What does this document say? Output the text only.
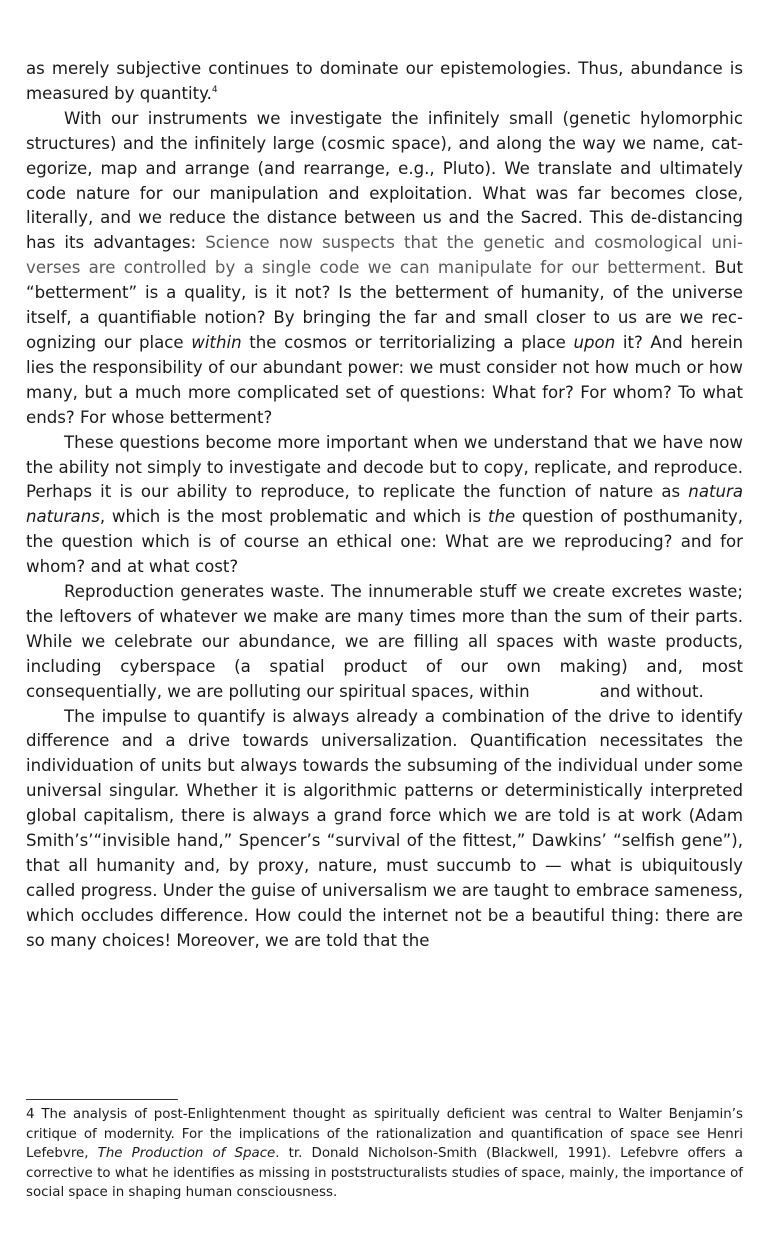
as merely subjective continues to dominate our epistemologies. Thus, abundance is measured by quantity.$^4$

With our instruments we investigate the infinitely small (genetic hylomorphic structures) and the infinitely large (cosmic space), and along the way we name, categorize, map and arrange (and rearrange, e.g., Pluto). We translate and ultimately code nature for our manipulation and exploitation. What was far becomes close, literally, and we reduce the distance between us and the Sacred. This de-distancing has its advantages: Science now suspects that the genetic and cosmological universes are controlled by a single code we can manipulate for our betterment. But “betterment” is a quality, is it not? Is the betterment of humanity, of the universe itself, a quantifiable notion? By bringing the far and small closer to us are we recognizing our place within the cosmos or territorializing a place upon it? And herein lies the responsibility of our abundant power: we must consider not how much or how many, but a much more complicated set of questions: What for? For whom? To what ends? For whose betterment?

These questions become more important when we understand that we have now the ability not simply to investigate and decode but to copy, replicate, and reproduce. Perhaps it is our ability to reproduce, to replicate the function of nature as natura naturans, which is the most problematic and which is the question of posthumanity, the question which is of course an ethical one: What are we reproducing? and for whom? and at what cost?

Reproduction generates waste. The innumerable stuff we create excretes waste; the leftovers of whatever we make are many times more than the sum of their parts. While we celebrate our abundance, we are filling all spaces with waste products, including cyberspace (a spatial product of our own making) and, most consequentially, we are polluting our spiritual spaces, within	and without.

The impulse to quantify is always already a combination of the drive to identify difference and a drive towards universalization. Quantification necessitates the individuation of units but always towards the subsuming of the individual under some universal singular. Whether it is algorithmic patterns or deterministically interpreted global capitalism, there is always a grand force which we are told is at work (Adam Smith’s’“invisible hand,” Spencer’s “survival of the fittest,” Dawkins’ “selfish gene”), that all humanity and, by proxy, nature, must succumb to — what is ubiquitously called progress. Under the guise of universalism we are taught to embrace sameness, which occludes difference. How could the internet not be a beautiful thing: there are so many choices! Moreover, we are told that the

4 The analysis of post-Enlightenment thought as spiritually deficient was central to Walter Benjamin’s critique of modernity. For the implications of the rationalization and quantification of space see Henri Lefebvre, The Production of Space. tr. Donald Nicholson-Smith (Blackwell, 1991). Lefebvre offers a corrective to what he identifies as missing in poststructuralists studies of space, mainly, the importance of social space in shaping human consciousness.
